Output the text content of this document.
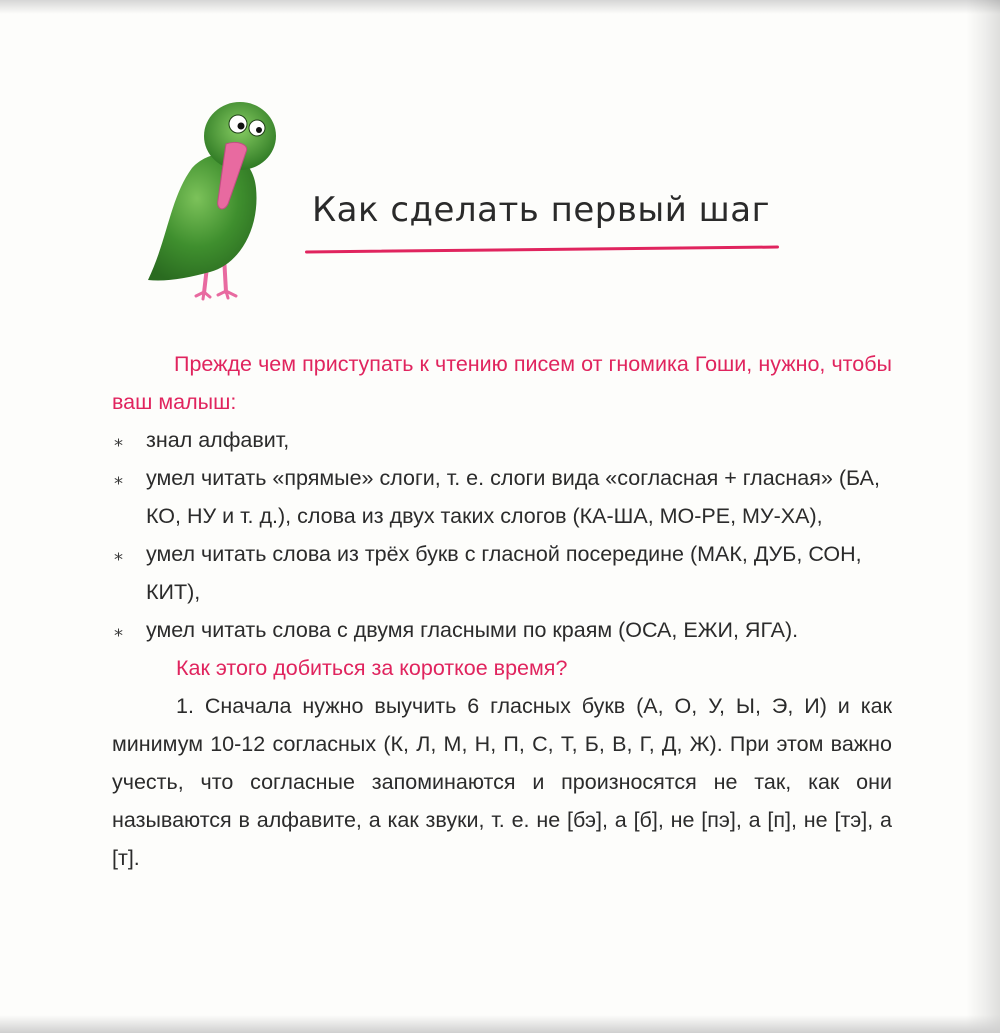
Как сделать первый шаг

Прежде чем приступать к чтению писем от гномика Гоши, нужно, чтобы ваш малыш:

⁎ знал алфавит,
⁎ умел читать «прямые» слоги, т. е. слоги вида «согласная + гласная» (БА, КО, НУ и т. д.), слова из двух таких слогов (КА-ША, МО-РЕ, МУ-ХА),
⁎ умел читать слова из трёх букв с гласной посередине (МАК, ДУБ, СОН, КИТ),
⁎ умел читать слова с двумя гласными по краям (ОСА, ЕЖИ, ЯГА).

Как этого добиться за короткое время?

1. Сначала нужно выучить 6 гласных букв (А, О, У, Ы, Э, И) и как минимум 10-12 согласных (К, Л, М, Н, П, С, Т, Б, В, Г, Д, Ж). При этом важно учесть, что согласные запоминаются и произносятся не так, как они называются в алфавите, а как звуки, т. е. не [бэ], а [б], не [пэ], а [п], не [тэ], а [т].
